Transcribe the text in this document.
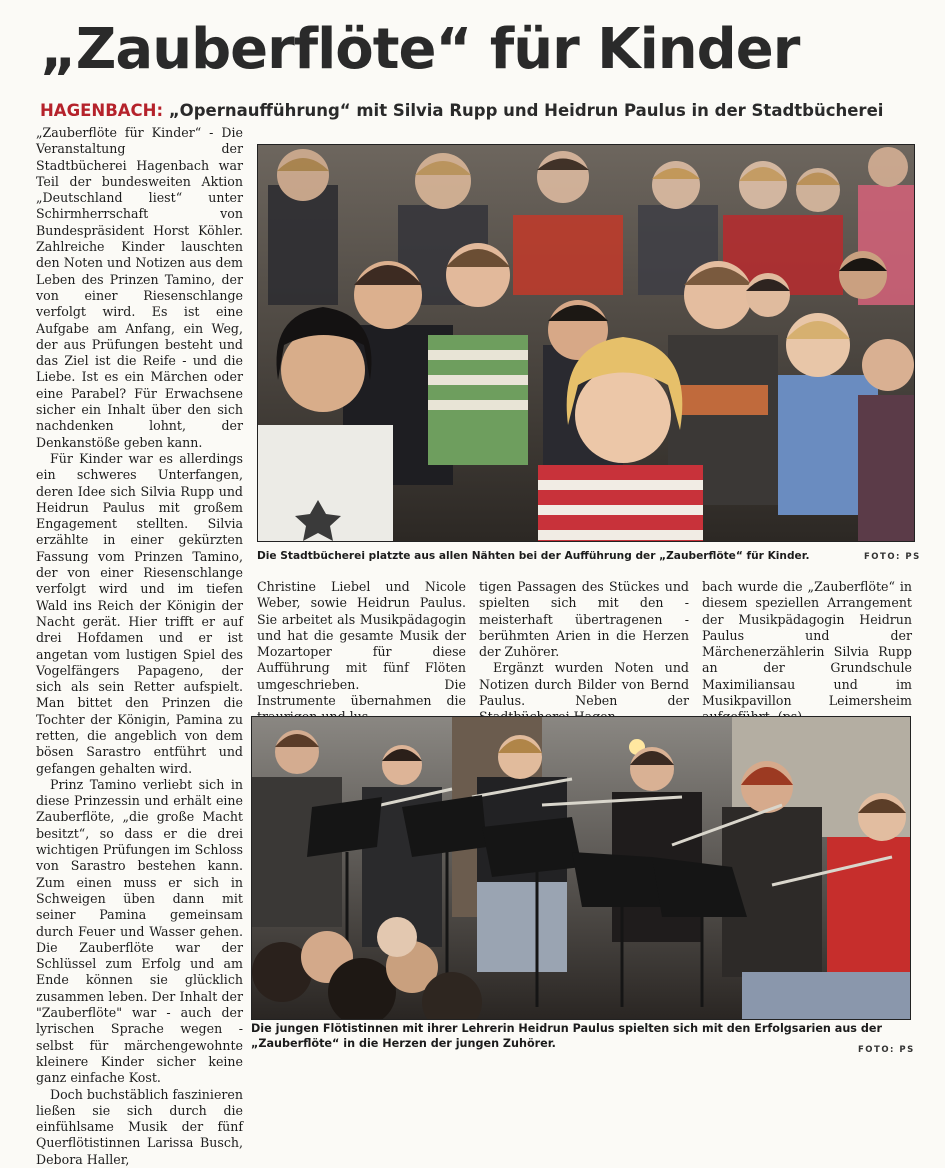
„Zauberflöte“ für Kinder
HAGENBACH: „Opernaufführung“ mit Silvia Rupp und Heidrun Paulus in der Stadtbücherei

„Zauberflöte für Kinder“ - Die Veranstaltung der Stadtbücherei Hagenbach war Teil der bundesweiten Aktion „Deutschland liest“ unter Schirmherrschaft von Bundespräsident Horst Köhler. Zahlreiche Kinder lauschten den Noten und Notizen aus dem Leben des Prinzen Tamino, der von einer Riesenschlange verfolgt wird. Es ist eine Aufgabe am Anfang, ein Weg, der aus Prüfungen besteht und das Ziel ist die Reife - und die Liebe. Ist es ein Märchen oder eine Parabel? Für Erwachsene sicher ein Inhalt über den sich nachdenken lohnt, der Denkanstöße geben kann.

Für Kinder war es allerdings ein schweres Unterfangen, deren Idee sich Silvia Rupp und Heidrun Paulus mit großem Engagement stellten. Silvia erzählte in einer gekürzten Fassung vom Prinzen Tamino, der von einer Riesenschlange verfolgt wird und im tiefen Wald ins Reich der Königin der Nacht gerät. Hier trifft er auf drei Hofdamen und er ist angetan vom lustigen Spiel des Vogelfängers Papageno, der sich als sein Retter aufspielt. Man bittet den Prinzen die Tochter der Königin, Pamina zu retten, die angeblich von dem bösen Sarastro entführt und gefangen gehalten wird.

Prinz Tamino verliebt sich in diese Prinzessin und erhält eine Zauberflöte, „die große Macht besitzt“, so dass er die drei wichtigen Prüfungen im Schloss von Sarastro bestehen kann. Zum einen muss er sich in Schweigen üben dann mit seiner Pamina gemeinsam durch Feuer und Wasser gehen. Die Zauberflöte war der Schlüssel zum Erfolg und am Ende können sie glücklich zusammen leben. Der Inhalt der "Zauberflöte" war - auch der lyrischen Sprache wegen - selbst für märchengewohnte kleinere Kinder sicher keine ganz einfache Kost.

Doch buchstäblich faszinieren ließen sie sich durch die einfühlsame Musik der fünf Querflötistinnen Larissa Busch, Debora Haller,

Die Stadtbücherei platzte aus allen Nähten bei der Aufführung der „Zauberflöte“ für Kinder.	FOTO: PS

Christine Liebel und Nicole Weber, sowie Heidrun Paulus. Sie arbeitet als Musikpädagogin und hat die gesamte Musik der Mozartoper für diese Aufführung mit fünf Flöten umgeschrieben. Die Instrumente übernahmen die

tigen Passagen des Stückes und spielten sich mit den - meisterhaft übertragenen - berühmten Arien in die Herzen der Zuhörer.

Ergänzt wurden Noten und Notizen durch Bilder von Bernd Paulus. Neben der

bach wurde die „Zauberflöte“ in diesem speziellen Arrangement der Musikpädagogin Heidrun Paulus und der Märchenerzählerin Silvia Rupp an der Grundschule Maximiliansau und im Musikpavillon Leimersheim

Die jungen Flötistinnen mit ihrer Lehrerin Heidrun Paulus spielten sich mit den Erfolgsarien aus der „Zauberflöte“ in die Herzen der jungen Zuhörer.	FOTO: PS
